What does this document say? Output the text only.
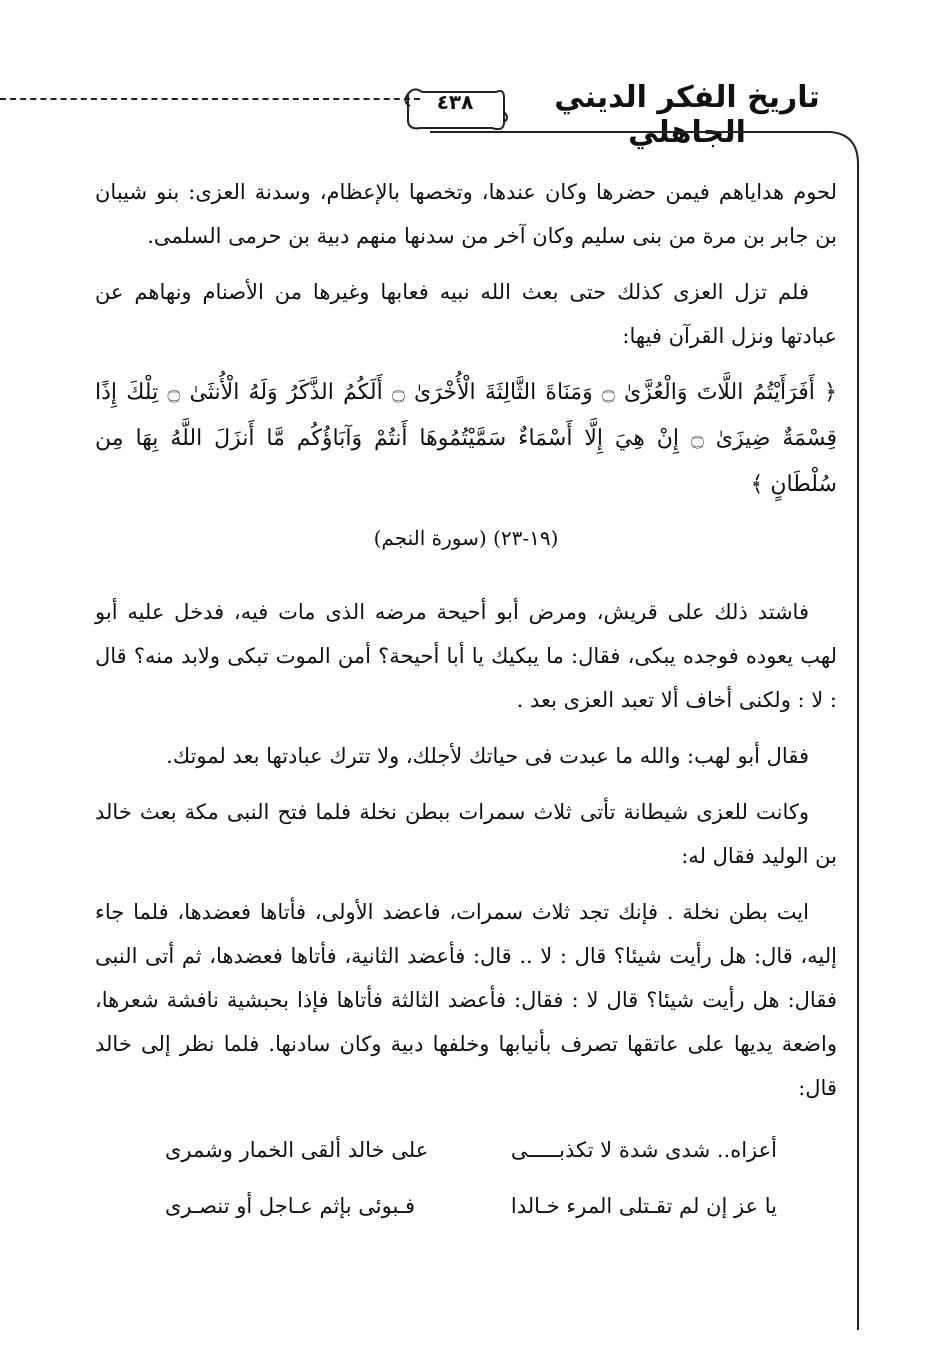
٤٣٨	تاريخ الفكر الديني الجاهلي

لحوم هداياهم فيمن حضرها وكان عندها، وتخصها بالإعظام، وسدنة العزى: بنو شيبان بن جابر بن مرة من بنى سليم وكان آخر من سدنها منهم دبية بن حرمى السلمى.

فلم تزل العزى كذلك حتى بعث الله نبيه فعابها وغيرها من الأصنام ونهاهم عن عبادتها ونزل القرآن فيها:

﴿ أَفَرَأَيْتُمُ اللَّاتَ وَالْعُزَّىٰ ۝ وَمَنَاةَ الثَّالِثَةَ الْأُخْرَىٰ ۝ أَلَكُمُ الذَّكَرُ وَلَهُ الْأُنثَىٰ ۝ تِلْكَ إِذًا قِسْمَةٌ ضِيزَىٰ ۝ إِنْ هِيَ إِلَّا أَسْمَاءٌ سَمَّيْتُمُوهَا أَنتُمْ وَآبَاؤُكُم مَّا أَنزَلَ اللَّهُ بِهَا مِن سُلْطَانٍ ﴾
(١٩-٢٣) (سورة النجم)

فاشتد ذلك على قريش، ومرض أبو أحيحة مرضه الذى مات فيه، فدخل عليه أبو لهب يعوده فوجده يبكى، فقال: ما يبكيك يا أبا أحيحة؟ أمن الموت تبكى ولابد منه؟ قال : لا : ولكنى أخاف ألا تعبد العزى بعد .

فقال أبو لهب: والله ما عبدت فى حياتك لأجلك، ولا تترك عبادتها بعد لموتك.

وكانت للعزى شيطانة تأتى ثلاث سمرات ببطن نخلة فلما فتح النبى مكة بعث خالد بن الوليد فقال له:

ايت بطن نخلة . فإنك تجد ثلاث سمرات، فاعضد الأولى، فأتاها فعضدها، فلما جاء إليه، قال: هل رأيت شيئا؟ قال : لا .. قال: فأعضد الثانية، فأتاها فعضدها، ثم أتى النبى فقال: هل رأيت شيئا؟ قال لا : فقال: فأعضد الثالثة فأتاها فإذا بحبشية نافشة شعرها، واضعة يديها على عاتقها تصرف بأنيابها وخلفها دبية وكان سادنها. فلما نظر إلى خالد قال:

أعزاه.. شدى شدة لا تكذبـــــى
على خالد ألقى الخمار وشمرى
يا عز إن لم تقـتلى المرء خـالدا
فـبوئى بإثم عـاجل أو تنصـرى
